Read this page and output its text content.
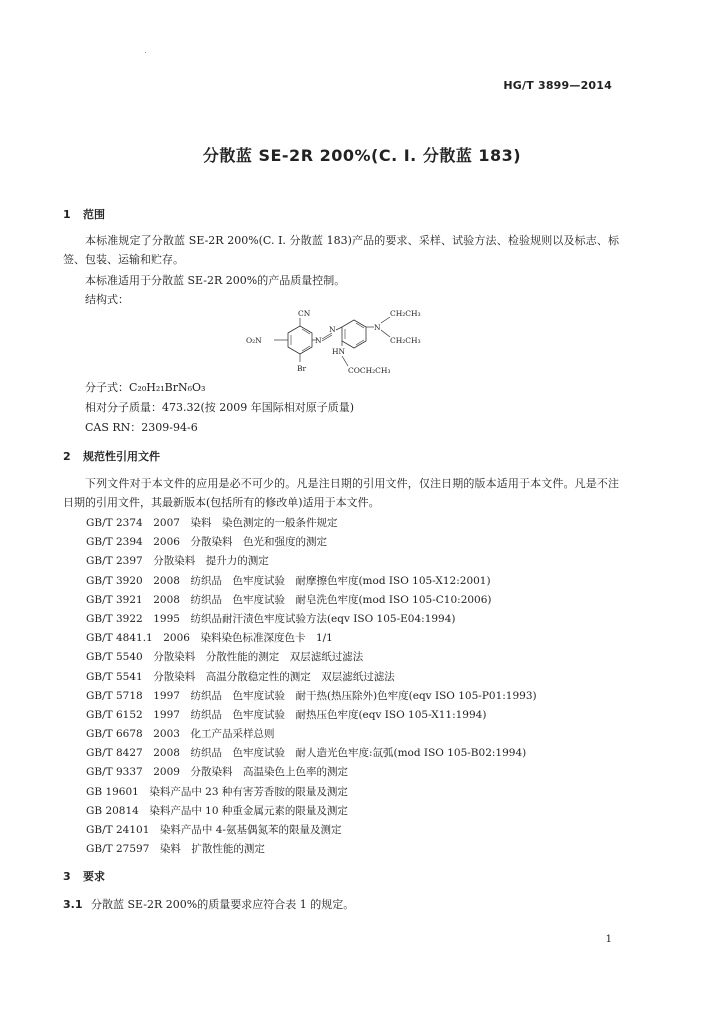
HG/T 3899—2014
分散蓝 SE-2R 200%(C. I. 分散蓝 183)
1 范围
本标准规定了分散蓝 SE-2R 200%(C. I. 分散蓝 183)产品的要求、采样、试验方法、检验规则以及标志、标签、包装、运输和贮存。
本标准适用于分散蓝 SE-2R 200%的产品质量控制。
结构式：
CN
O₂N
Br
N
N	N
CH₂CH₃
CH₂CH₃
HN
COCH₂CH₃
分子式：C₂₀H₂₁BrN₆O₃
相对分子质量：473.32(按 2009 年国际相对原子质量)
CAS RN：2309-94-6
2 规范性引用文件
下列文件对于本文件的应用是必不可少的。凡是注日期的引用文件，仅注日期的版本适用于本文件。凡是不注日期的引用文件，其最新版本(包括所有的修改单)适用于本文件。
GB/T 2374　 2007　 染料　染色测定的一般条件规定
GB/T 2394　 2006　 分散染料　色光和强度的测定
GB/T 2397　 分散染料　提升力的测定
GB/T 3920　 2008　 纺织品　色牢度试验　耐摩擦色牢度(mod ISO 105-X12:2001)
GB/T 3921　 2008　 纺织品　色牢度试验　耐皂洗色牢度(mod ISO 105-C10:2006)
GB/T 3922　 1995　 纺织品耐汗渍色牢度试验方法(eqv ISO 105-E04:1994)
GB/T 4841.1　 2006　 染料染色标准深度色卡　1/1
GB/T 5540　 分散染料　分散性能的测定　双层滤纸过滤法
GB/T 5541　 分散染料　高温分散稳定性的测定　双层滤纸过滤法
GB/T 5718　 1997　 纺织品　色牢度试验　耐干热(热压除外)色牢度(eqv ISO 105-P01:1993)
GB/T 6152　 1997　 纺织品　色牢度试验　耐热压色牢度(eqv ISO 105-X11:1994)
GB/T 6678　 2003　 化工产品采样总则
GB/T 8427　 2008　 纺织品　色牢度试验　耐人造光色牢度:氙弧(mod ISO 105-B02:1994)
GB/T 9337　 2009　 分散染料　高温染色上色率的测定
GB 19601　 染料产品中 23 种有害芳香胺的限量及测定
GB 20814　 染料产品中 10 种重金属元素的限量及测定
GB/T 24101　 染料产品中 4-氨基偶氮苯的限量及测定
GB/T 27597　 染料　扩散性能的测定
3 要求
3.1 分散蓝 SE-2R 200%的质量要求应符合表 1 的规定。
1
